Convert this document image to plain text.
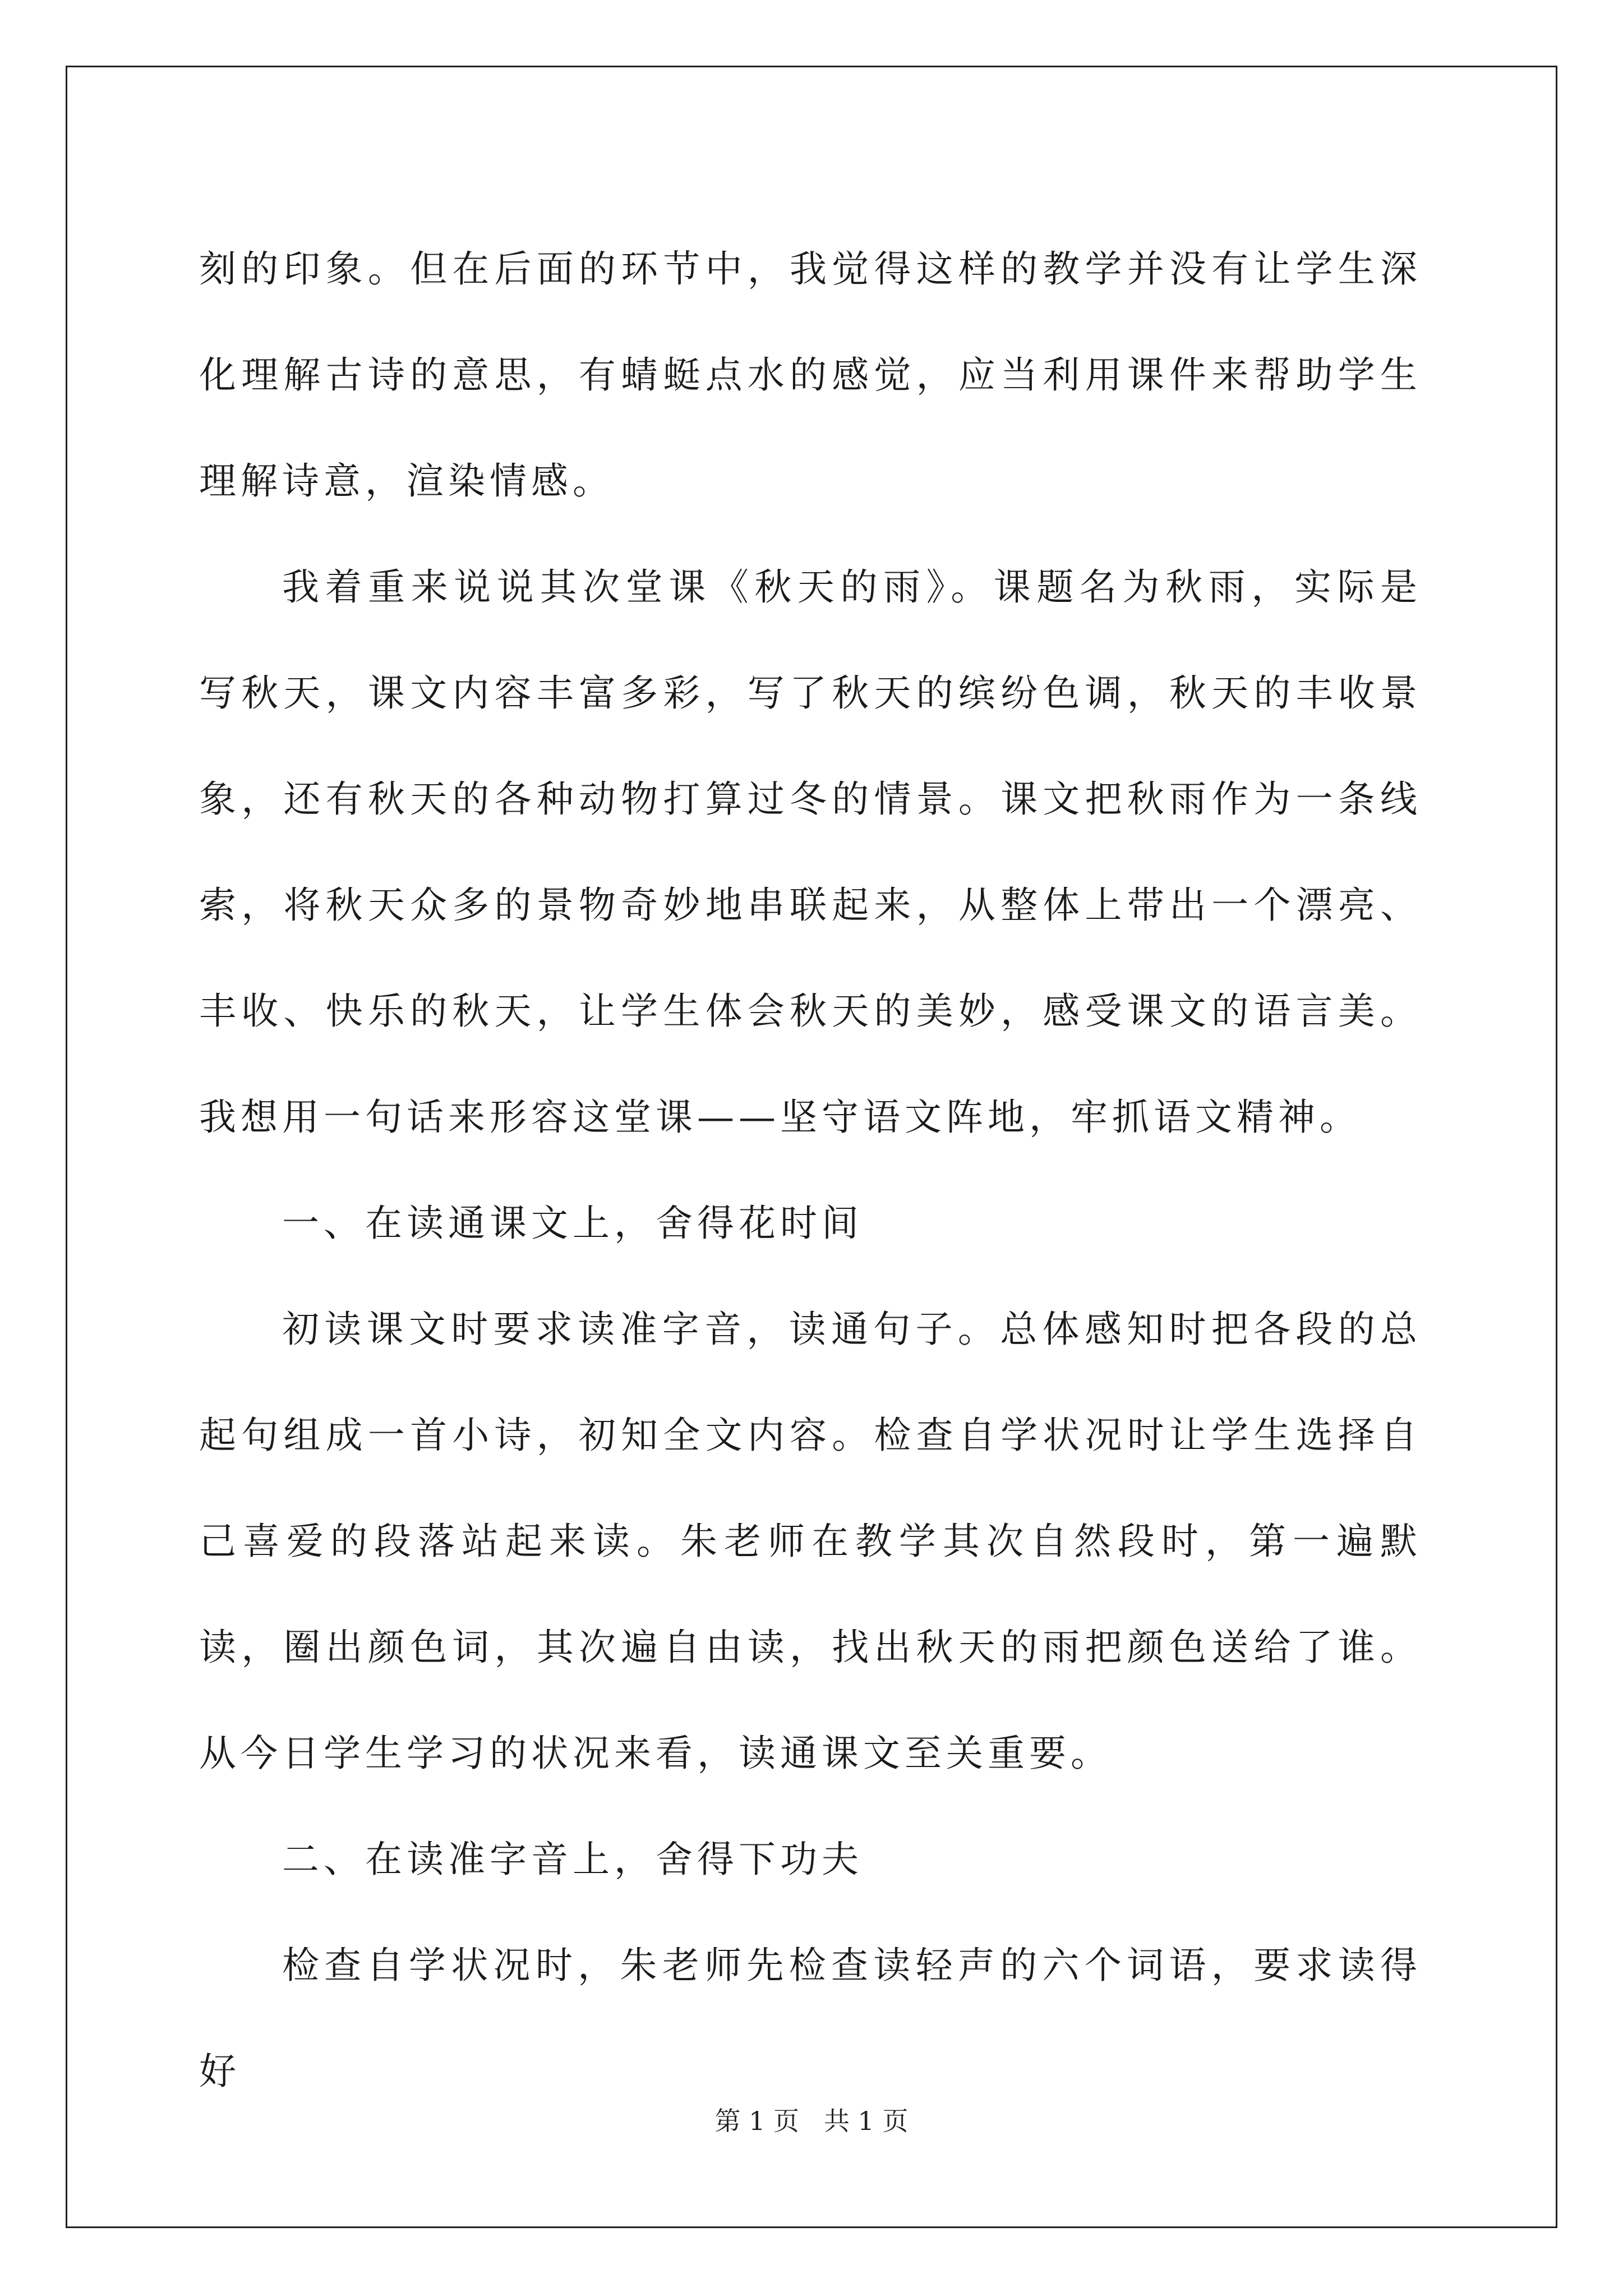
刻的印象。但在后面的环节中，我觉得这样的教学并没有让学生深化理解古诗的意思，有蜻蜓点水的感觉，应当利用课件来帮助学生理解诗意，渲染情感。

我着重来说说其次堂课《秋天的雨》。课题名为秋雨，实际是写秋天，课文内容丰富多彩，写了秋天的缤纷色调，秋天的丰收景象，还有秋天的各种动物打算过冬的情景。课文把秋雨作为一条线索，将秋天众多的景物奇妙地串联起来，从整体上带出一个漂亮、丰收、快乐的秋天，让学生体会秋天的美妙，感受课文的语言美。我想用一句话来形容这堂课——坚守语文阵地，牢抓语文精神。

一、在读通课文上，舍得花时间

初读课文时要求读准字音，读通句子。总体感知时把各段的总起句组成一首小诗，初知全文内容。检查自学状况时让学生选择自己喜爱的段落站起来读。朱老师在教学其次自然段时，第一遍默读，圈出颜色词，其次遍自由读，找出秋天的雨把颜色送给了谁。从今日学生学习的状况来看，读通课文至关重要。

二、在读准字音上，舍得下功夫

检查自学状况时，朱老师先检查读轻声的六个词语，要求读得好

第 1 页 共 1 页
